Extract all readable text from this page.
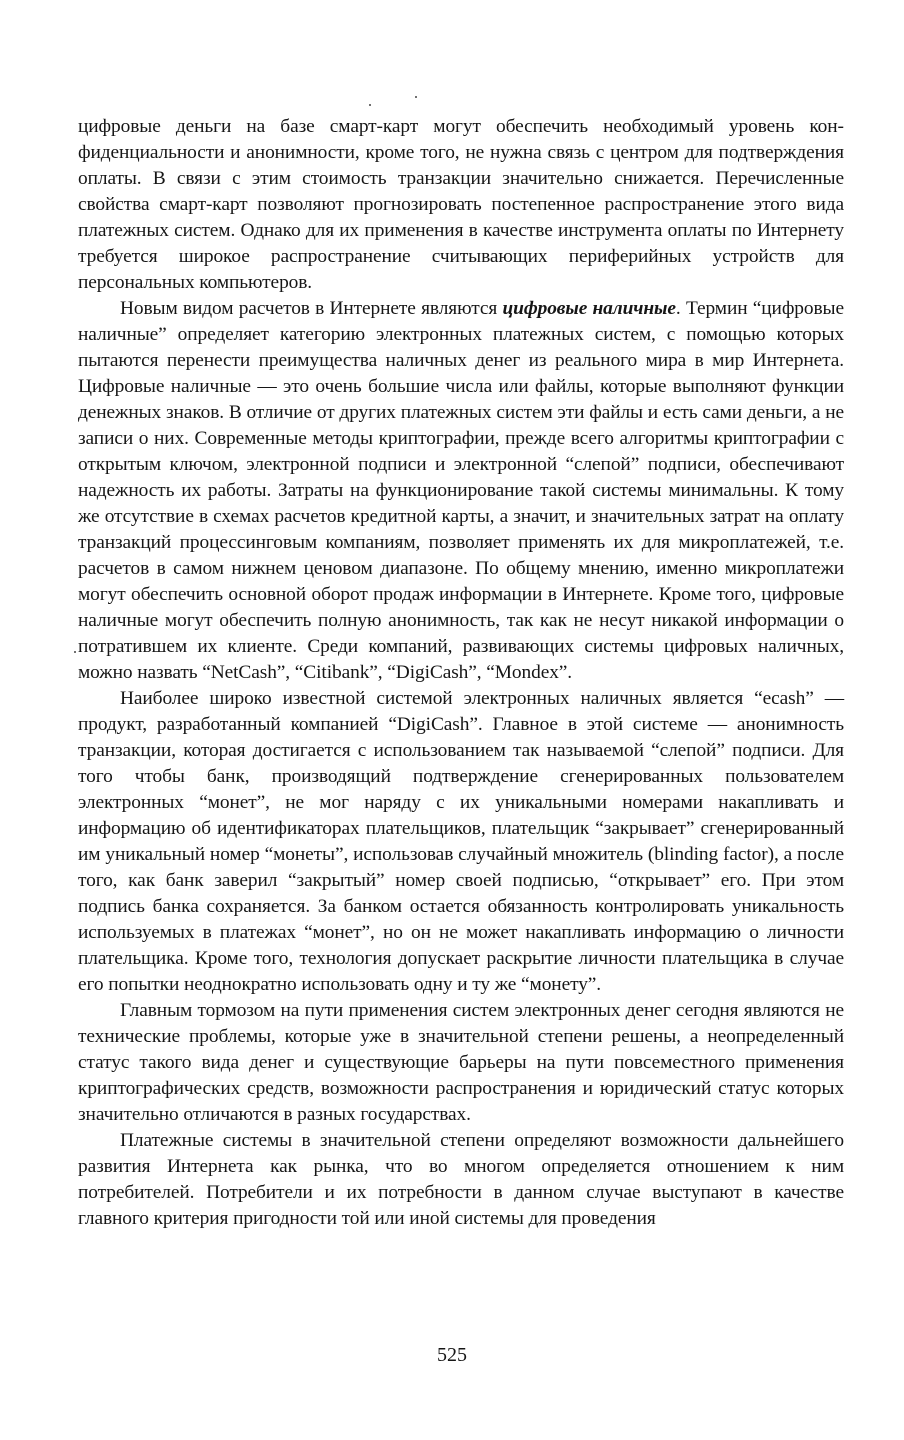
цифровые деньги на базе смарт-карт могут обеспечить необходимый уровень конфиденциальности и анонимности, кроме того, не нужна связь с центром для подтверждения оплаты. В связи с этим стоимость транзакции значительно снижается. Перечисленные свойства смарт-карт позволяют прогнозировать постепенное распространение этого вида платежных систем. Однако для их применения в качестве инструмента оплаты по Интернету требуется широкое распространение считывающих периферийных устройств для персональных компьютеров.

Новым видом расчетов в Интернете являются цифровые наличные. Термин “цифровые наличные” определяет категорию электронных платежных систем, с помощью которых пытаются перенести преимущества наличных денег из реального мира в мир Интернета. Цифровые наличные — это очень большие числа или файлы, которые выполняют функции денежных знаков. В отличие от других платежных систем эти файлы и есть сами деньги, а не записи о них. Современные методы криптографии, прежде всего алгоритмы криптографии с открытым ключом, электронной подписи и электронной “слепой” подписи, обеспечивают надежность их работы. Затраты на функционирование такой системы минимальны. К тому же отсутствие в схемах расчетов кредитной карты, а значит, и значительных затрат на оплату транзакций процессинговым компаниям, позволяет применять их для микроплатежей, т.е. расчетов в самом нижнем ценовом диапазоне. По общему мнению, именно микроплатежи могут обеспечить основной оборот продаж информации в Интернете. Кроме того, цифровые наличные могут обеспечить полную анонимность, так как не несут никакой информации о потратившем их клиенте. Среди компаний, развивающих системы цифровых наличных, можно назвать “NetCash”, “Citibank”, “DigiCash”, “Mondex”.

Наиболее широко известной системой электронных наличных является “ecash” — продукт, разработанный компанией “DigiCash”. Главное в этой системе — анонимность транзакции, которая достигается с использованием так называемой “слепой” подписи. Для того чтобы банк, производящий подтверждение сгенерированных пользователем электронных “монет”, не мог наряду с их уникальными номерами накапливать и информацию об идентификаторах плательщиков, плательщик “закрывает” сгенерированный им уникальный номер “монеты”, использовав случайный множитель (blinding factor), а после того, как банк заверил “закрытый” номер своей подписью, “открывает” его. При этом подпись банка сохраняется. За банком остается обязанность контролировать уникальность используемых в платежах “монет”, но он не может накапливать информацию о личности плательщика. Кроме того, технология допускает раскрытие личности плательщика в случае его попытки неоднократно использовать одну и ту же “монету”.

Главным тормозом на пути применения систем электронных денег сегодня являются не технические проблемы, которые уже в значительной степени решены, а неопределенный статус такого вида денег и существующие барьеры на пути повсеместного применения криптографических средств, возможности распространения и юридический статус которых значительно отличаются в разных государствах.

Платежные системы в значительной степени определяют возможности дальнейшего развития Интернета как рынка, что во многом определяется отношением к ним потребителей. Потребители и их потребности в данном случае выступают в качестве главного критерия пригодности той или иной системы для проведения

525
